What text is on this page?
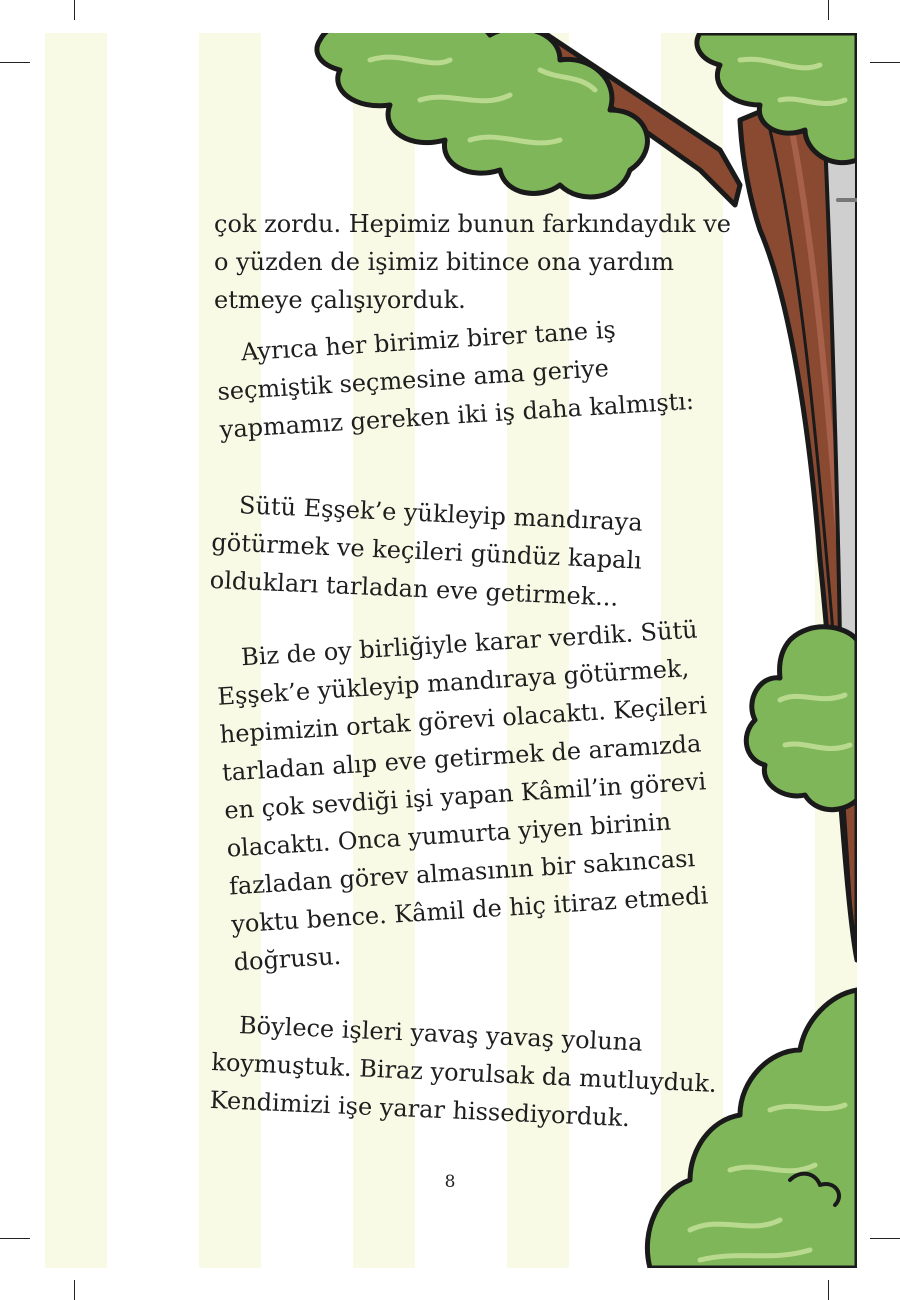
çok zordu. Hepimiz bunun farkındaydık ve o yüzden de işimiz bitince ona yardım etmeye çalışıyorduk.

Ayrıca her birimiz birer tane iş seçmiştik seçmesine ama geriye yapmamız gereken iki iş daha kalmıştı:

Sütü Eşşek’e yükleyip mandıraya götürmek ve keçileri gündüz kapalı oldukları tarladan eve getirmek...

Biz de oy birliğiyle karar verdik. Sütü Eşşek’e yükleyip mandıraya götürmek, hepimizin ortak görevi olacaktı. Keçileri tarladan alıp eve getirmek de aramızda en çok sevdiği işi yapan Kâmil’in görevi olacaktı. Onca yumurta yiyen birinin fazladan görev almasının bir sakıncası yoktu bence. Kâmil de hiç itiraz etmedi doğrusu.

Böylece işleri yavaş yavaş yoluna koymuştuk. Biraz yorulsak da mutluyduk. Kendimizi işe yarar hissediyorduk.

8
